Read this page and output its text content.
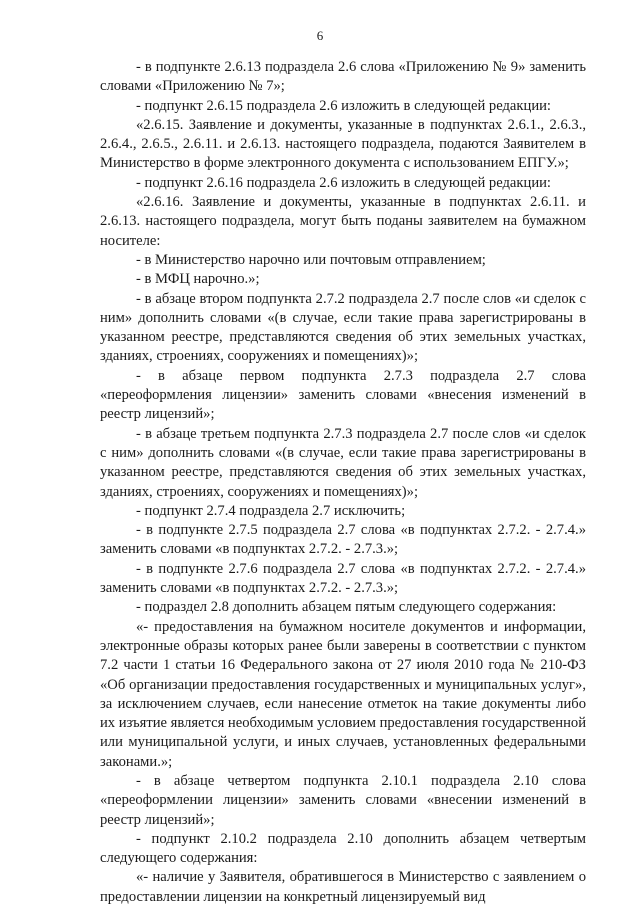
6

- в подпункте 2.6.13 подраздела 2.6 слова «Приложению № 9» заменить словами «Приложению № 7»;

- подпункт 2.6.15 подраздела 2.6 изложить в следующей редакции:

«2.6.15. Заявление и документы, указанные в подпунктах 2.6.1., 2.6.3., 2.6.4., 2.6.5., 2.6.11. и 2.6.13. настоящего подраздела, подаются Заявителем в Министерство в форме электронного документа с использованием ЕПГУ.»;

- подпункт 2.6.16 подраздела 2.6 изложить в следующей редакции:

«2.6.16. Заявление и документы, указанные в подпунктах 2.6.11. и 2.6.13. настоящего подраздела, могут быть поданы заявителем на бумажном носителе:

- в Министерство нарочно или почтовым отправлением;

- в МФЦ нарочно.»;

- в абзаце втором подпункта 2.7.2 подраздела 2.7 после слов «и сделок с ним» дополнить словами «(в случае, если такие права зарегистрированы в указанном реестре, представляются сведения об этих земельных участках, зданиях, строениях, сооружениях и помещениях)»;

- в абзаце первом подпункта 2.7.3 подраздела 2.7 слова «переоформления лицензии» заменить словами «внесения изменений в реестр лицензий»;

- в абзаце третьем подпункта 2.7.3 подраздела 2.7 после слов «и сделок с ним» дополнить словами «(в случае, если такие права зарегистрированы в указанном реестре, представляются сведения об этих земельных участках, зданиях, строениях, сооружениях и помещениях)»;

- подпункт 2.7.4 подраздела 2.7 исключить;

- в подпункте 2.7.5 подраздела 2.7 слова «в подпунктах 2.7.2. - 2.7.4.» заменить словами «в подпунктах 2.7.2. - 2.7.3.»;

- в подпункте 2.7.6 подраздела 2.7 слова «в подпунктах 2.7.2. - 2.7.4.» заменить словами «в подпунктах 2.7.2. - 2.7.3.»;

- подраздел 2.8 дополнить абзацем пятым следующего содержания:

«- предоставления на бумажном носителе документов и информации, электронные образы которых ранее были заверены в соответствии с пунктом 7.2 части 1 статьи 16 Федерального закона от 27 июля 2010 года № 210-ФЗ «Об организации предоставления государственных и муниципальных услуг», за исключением случаев, если нанесение отметок на такие документы либо их изъятие является необходимым условием предоставления государственной или муниципальной услуги, и иных случаев, установленных федеральными законами.»;

- в абзаце четвертом подпункта 2.10.1 подраздела 2.10 слова «переоформлении лицензии» заменить словами «внесении изменений в реестр лицензий»;

- подпункт 2.10.2 подраздела 2.10 дополнить абзацем четвертым следующего содержания:

«- наличие у Заявителя, обратившегося в Министерство с заявлением о предоставлении лицензии на конкретный лицензируемый вид
